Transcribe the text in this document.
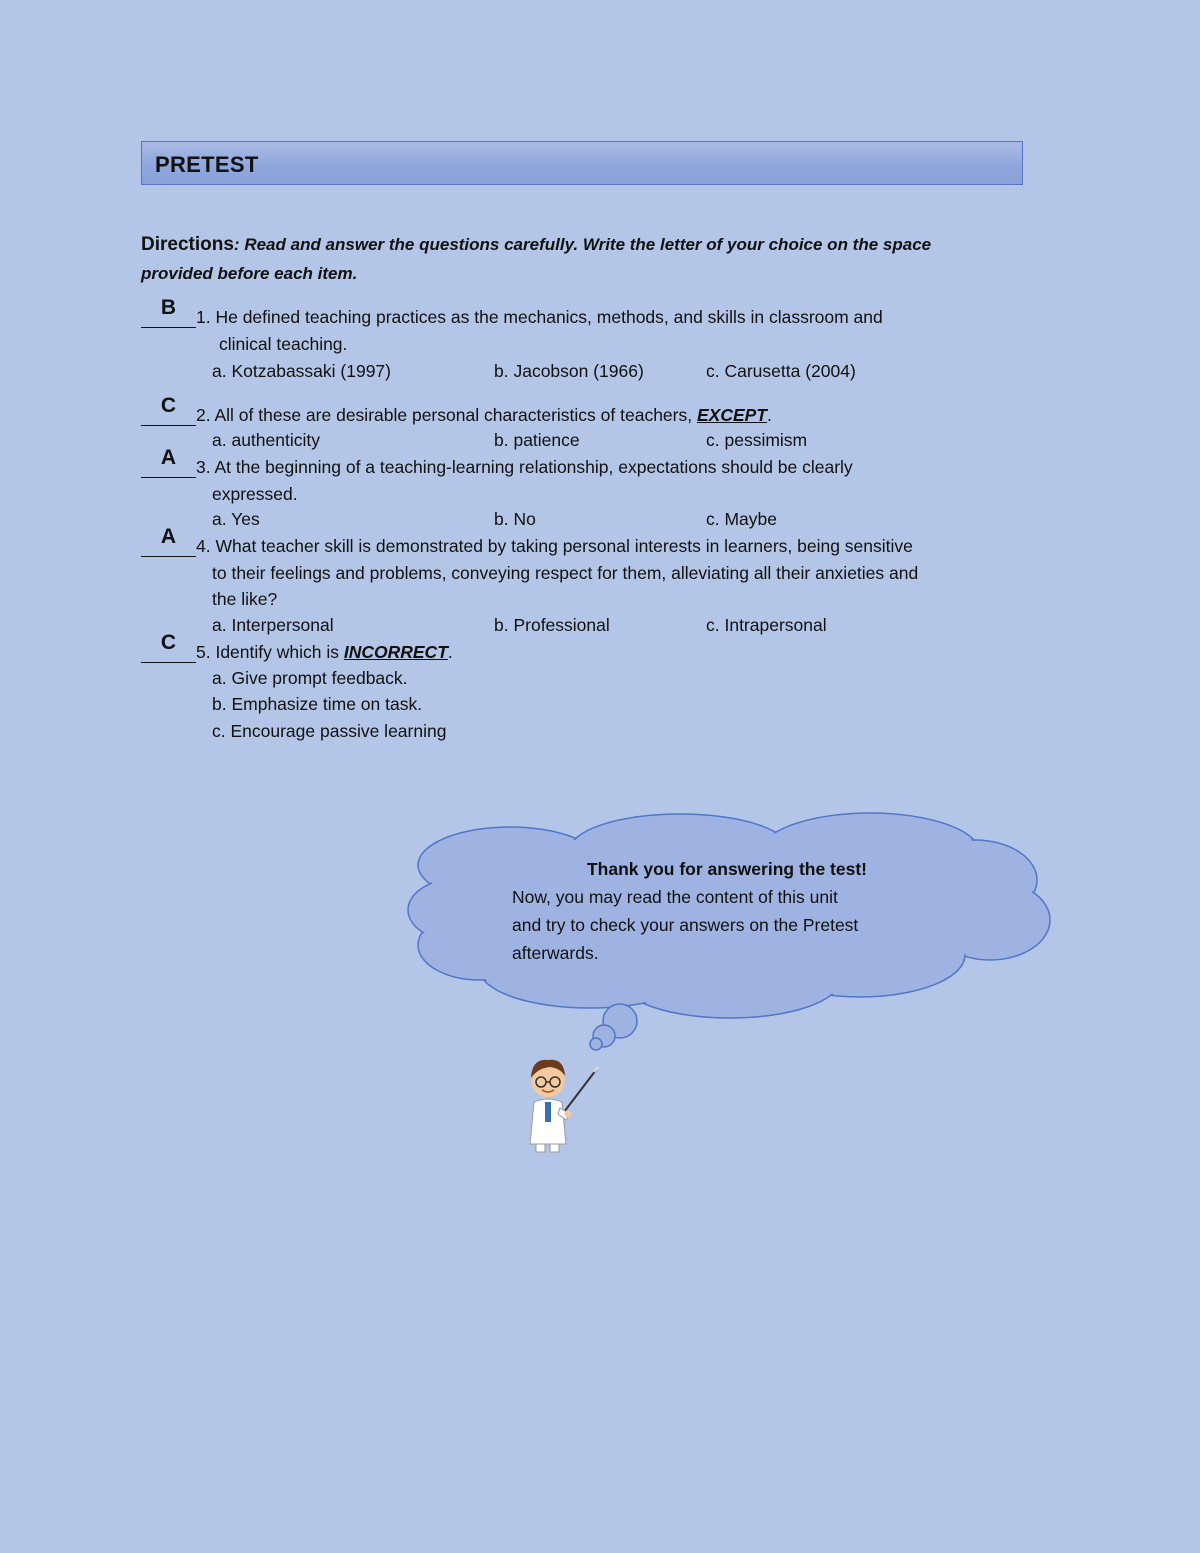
PRETEST
Directions: Read and answer the questions carefully. Write the letter of your choice on the space
provided before each item.
B	1. He defined teaching practices as the mechanics, methods, and skills in classroom and
clinical teaching.
a. Kotzabassaki (1997)	b. Jacobson (1966)	c. Carusetta (2004)
C	2. All of these are desirable personal characteristics of teachers, EXCEPT.
a. authenticity	b. patience	c. pessimism
A	3. At the beginning of a teaching-learning relationship, expectations should be clearly
expressed.
a. Yes	b. No	c. Maybe
A	4. What teacher skill is demonstrated by taking personal interests in learners, being sensitive
to their feelings and problems, conveying respect for them, alleviating all their anxieties and
the like?
a. Interpersonal	b. Professional	c. Intrapersonal
C	5. Identify which is INCORRECT.
a. Give prompt feedback.
b. Emphasize time on task.
c. Encourage passive learning
Thank you for answering the test!
Now, you may read the content of this unit
and try to check your answers on the Pretest
afterwards.
